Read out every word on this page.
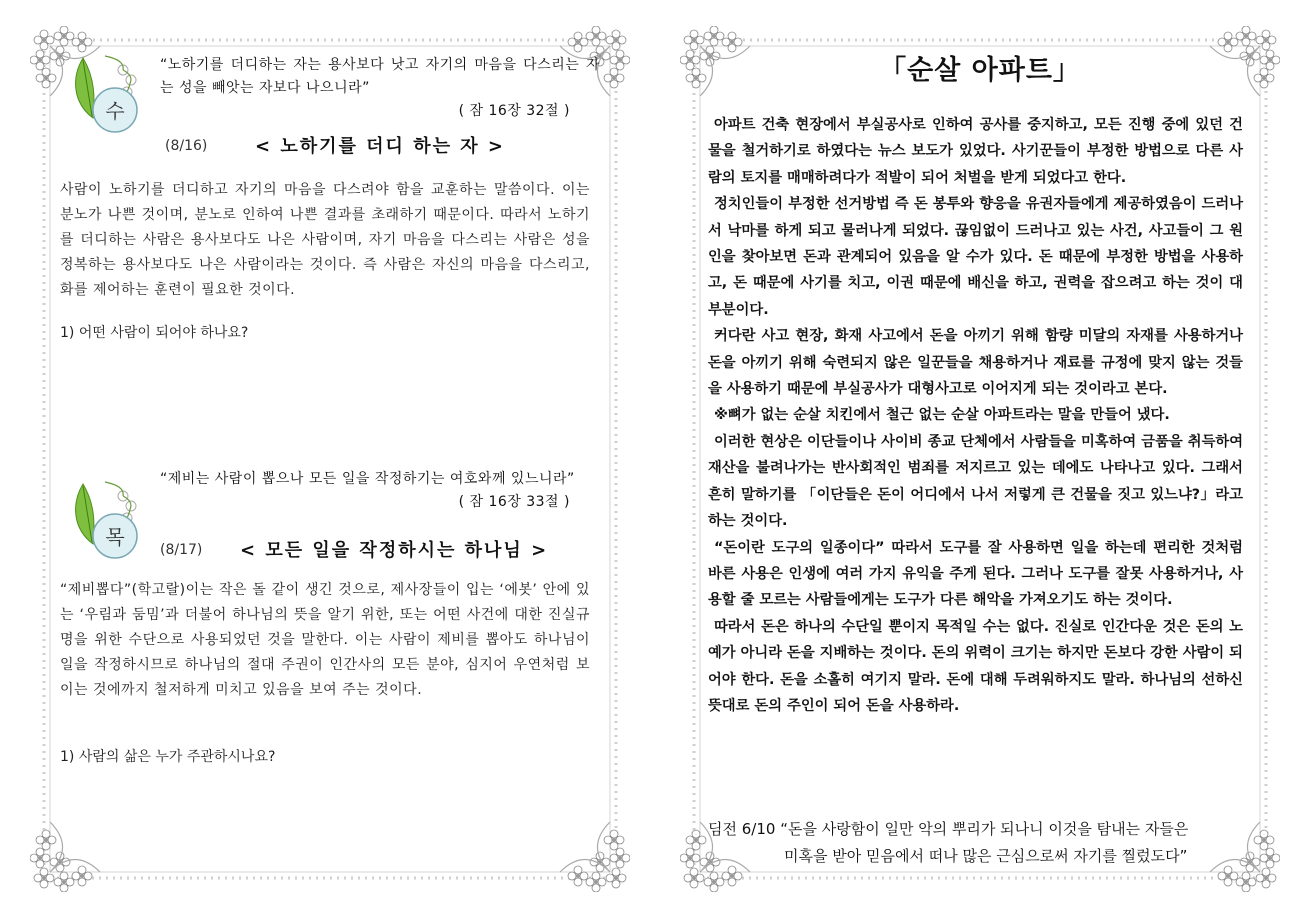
수
“노하기를 더디하는 자는 용사보다 낫고 자기의 마음을 다스리는 자는 성을 빼앗는 자보다 나으니라”
( 잠 16장 32절 )
(8/16)	< 노하기를 더디 하는 자 >
사람이 노하기를 더디하고 자기의 마음을 다스려야 함을 교훈하는 말씀이다. 이는 분노가 나쁜 것이며, 분노로 인하여 나쁜 결과를 초래하기 때문이다. 따라서 노하기를 더디하는 사람은 용사보다도 나은 사람이며, 자기 마음을 다스리는 사람은 성을 정복하는 용사보다도 나은 사람이라는 것이다. 즉 사람은 자신의 마음을 다스리고, 화를 제어하는 훈련이 필요한 것이다.
1) 어떤 사람이 되어야 하나요?
목
“제비는 사람이 뽑으나 모든 일을 작정하기는 여호와께 있느니라”
( 잠 16장 33절 )
(8/17) < 모든 일을 작정하시는 하나님 >
“제비뽑다”(학고랄)이는 작은 돌 같이 생긴 것으로, 제사장들이 입는 ‘에봇’ 안에 있는 ‘우림과 둠밈’과 더불어 하나님의 뜻을 알기 위한, 또는 어떤 사건에 대한 진실규명을 위한 수단으로 사용되었던 것을 말한다. 이는 사람이 제비를 뽑아도 하나님이 일을 작정하시므로 하나님의 절대 주권이 인간사의 모든 분야, 심지어 우연처럼 보이는 것에까지 철저하게 미치고 있음을 보여 주는 것이다.
1) 사람의 삶은 누가 주관하시나요?
「순살 아파트」

아파트 건축 현장에서 부실공사로 인하여 공사를 중지하고, 모든 진행 중에 있던 건물을 철거하기로 하였다는 뉴스 보도가 있었다. 사기꾼들이 부정한 방법으로 다른 사람의 토지를 매매하려다가 적발이 되어 처벌을 받게 되었다고 한다.

정치인들이 부정한 선거방법 즉 돈 봉투와 향응을 유권자들에게 제공하였음이 드러나서 낙마를 하게 되고 물러나게 되었다. 끊임없이 드러나고 있는 사건, 사고들이 그 원인을 찾아보면 돈과 관계되어 있음을 알 수가 있다. 돈 때문에 부정한 방법을 사용하고, 돈 때문에 사기를 치고, 이권 때문에 배신을 하고, 권력을 잡으려고 하는 것이 대부분이다.

커다란 사고 현장, 화재 사고에서 돈을 아끼기 위해 함량 미달의 자재를 사용하거나 돈을 아끼기 위해 숙련되지 않은 일꾼들을 채용하거나 재료를 규정에 맞지 않는 것들을 사용하기 때문에 부실공사가 대형사고로 이어지게 되는 것이라고 본다.

※뼈가 없는 순살 치킨에서 철근 없는 순살 아파트라는 말을 만들어 냈다.

이러한 현상은 이단들이나 사이비 종교 단체에서 사람들을 미혹하여 금품을 취득하여 재산을 불려나가는 반사회적인 범죄를 저지르고 있는 데에도 나타나고 있다. 그래서 흔히 말하기를 「이단들은 돈이 어디에서 나서 저렇게 큰 건물을 짓고 있느냐?」라고 하는 것이다.

“돈이란 도구의 일종이다” 따라서 도구를 잘 사용하면 일을 하는데 편리한 것처럼 바른 사용은 인생에 여러 가지 유익을 주게 된다. 그러나 도구를 잘못 사용하거나, 사용할 줄 모르는 사람들에게는 도구가 다른 해악을 가져오기도 하는 것이다.

따라서 돈은 하나의 수단일 뿐이지 목적일 수는 없다. 진실로 인간다운 것은 돈의 노예가 아니라 돈을 지배하는 것이다. 돈의 위력이 크기는 하지만 돈보다 강한 사람이 되어야 한다. 돈을 소홀히 여기지 말라. 돈에 대해 두려워하지도 말라. 하나님의 선하신 뜻대로 돈의 주인이 되어 돈을 사용하라.

딤전 6/10 “돈을 사랑함이 일만 악의 뿌리가 되나니 이것을 탐내는 자들은
미혹을 받아 믿음에서 떠나 많은 근심으로써 자기를 찔렀도다”
